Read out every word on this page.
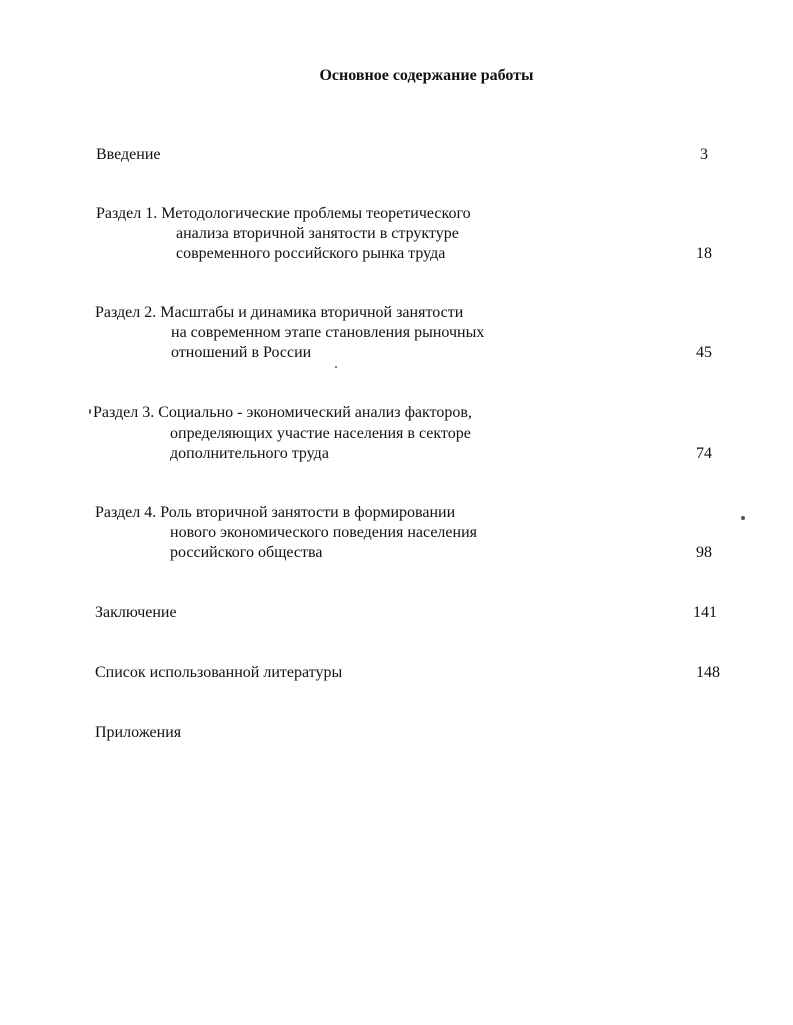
Основное содержание работы
Введение	3
Раздел 1. Методологические проблемы теоретического
анализа вторичной занятости в структуре
современного российского рынка труда	18
Раздел 2. Масштабы и динамика вторичной занятости
на современном этапе становления рыночных
отношений в России	45
Раздел 3. Социально - экономический анализ факторов,
определяющих участие населения в секторе
дополнительного труда	74
Раздел 4. Роль вторичной занятости в формировании
нового экономического поведения населения
российского общества	98
Заключение	141
Список использованной литературы	148
Приложения
